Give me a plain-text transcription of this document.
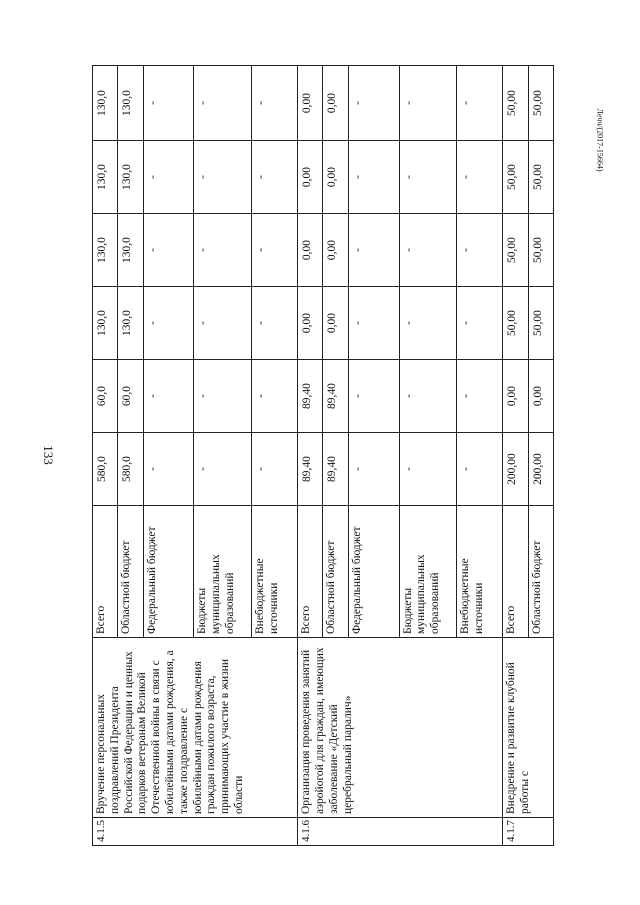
133
Лечч/(2017-15664)
4.1.5	Вручение персональных поздравлений Президента Российской Федерации и ценных подарков ветеранам Великой Отечественной войны в связи с юбилейными датами рождения, а также поздравление с юбилейными датами рождения граждан пожилого возраста, принимающих участие в жизни области	Всего	580,0	60,0	130,0	130,0	130,0	130,0
		Областной бюджет	580,0	60,0	130,0	130,0	130,0	130,0
		Федеральный бюджет	-	-	-	-	-	-
		Бюджеты муниципальных образований	-	-	-	-	-	-
		Внебюджетные источники	-	-	-	-	-	-
4.1.6	Организация проведения занятий аэройогой для граждан, имеющих заболевание «Детский церебральный паралич»	Всего	89,40	89,40	0,00	0,00	0,00	0,00
		Областной бюджет	89,40	89,40	0,00	0,00	0,00	0,00
		Федеральный бюджет	-	-	-	-	-	-
		Бюджеты муниципальных образований	-	-	-	-	-	-
		Внебюджетные источники	-	-	-	-	-	-
4.1.7	Внедрение и развитие клубной работы с	Всего	200,00	0,00	50,00	50,00	50,00	50,00
		Областной бюджет	200,00	0,00	50,00	50,00	50,00	50,00
